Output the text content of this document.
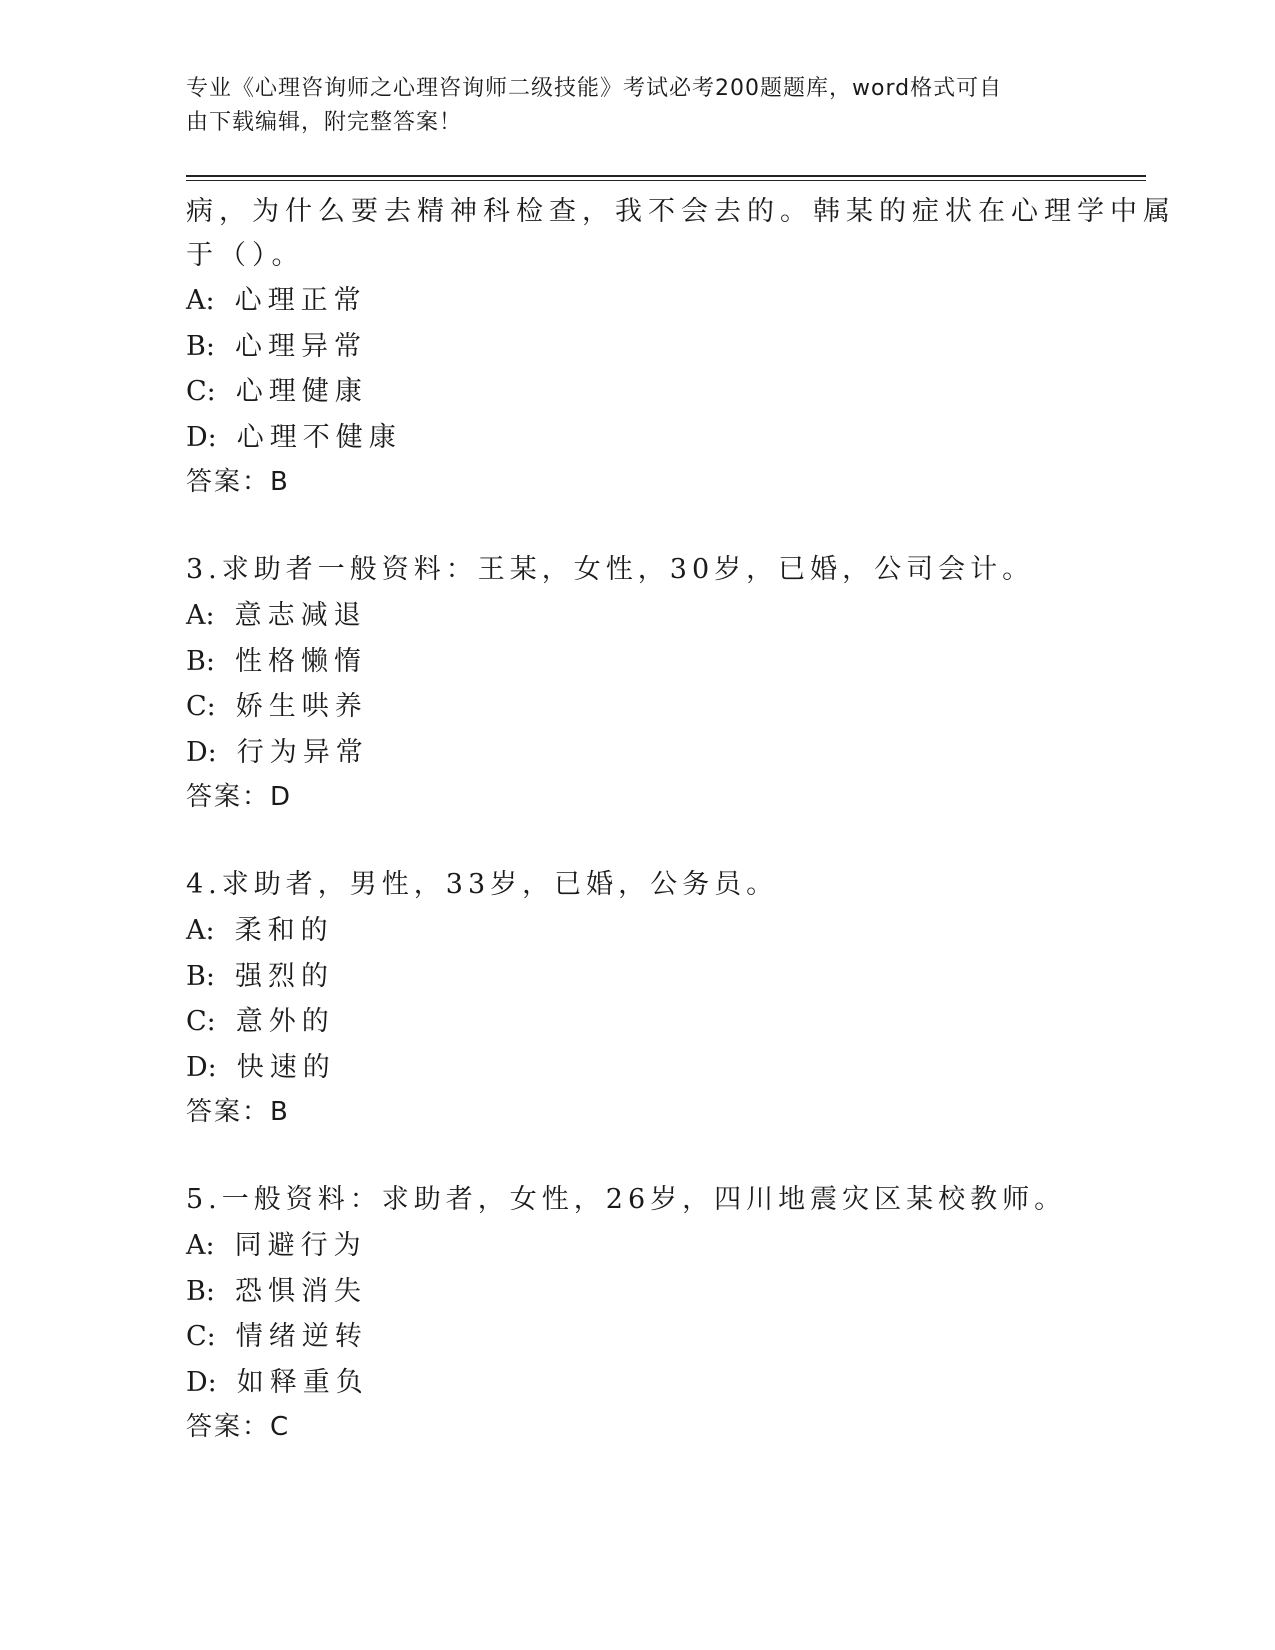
专业《心理咨询师之心理咨询师二级技能》考试必考200题题库，word格式可自
由下载编辑，附完整答案！
病，为什么要去精神科检查，我不会去的。韩某的症状在心理学中属
于（）。
A: 心理正常
B: 心理异常
C: 心理健康
D: 心理不健康
答案：B
3.求助者一般资料：王某，女性，30岁，已婚，公司会计。
A: 意志减退
B: 性格懒惰
C: 娇生哄养
D: 行为异常
答案：D
4.求助者，男性，33岁，已婚，公务员。
A: 柔和的
B: 强烈的
C: 意外的
D: 快速的
答案：B
5.一般资料：求助者，女性，26岁，四川地震灾区某校教师。
A: 同避行为
B: 恐惧消失
C: 情绪逆转
D: 如释重负
答案：C
